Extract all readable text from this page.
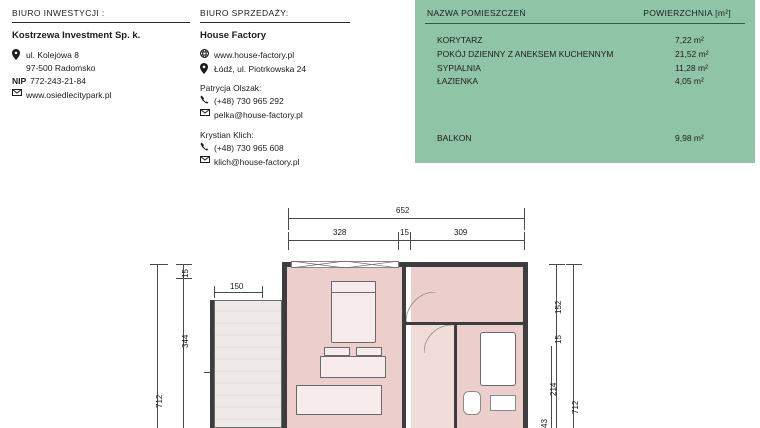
BIURO INWESTYCJI :
Kostrzewa Investment Sp. k.
ul. Kolejowa 8
97-500 Radomsko
NIP 772-243-21-84
www.osiedlecitypark.pl
BIURO SPRZEDAŻY:
House Factory
www.house-factory.pl
Łódź, ul. Piotrkowska 24
Patrycja Olszak:
(+48) 730 965 292
pelka@house-factory.pl
Krystian Klich:
(+48) 730 965 608
klich@house-factory.pl
NAZWA POMIESZCZEŃ	POWIERZCHNIA [m²]
KORYTARZ	7,22 m²
POKÓJ DZIENNY Z ANEKSEM KUCHENNYM	21,52 m²
SYPIALNIA	11,28 m²
ŁAZIENKA	4,05 m²
BALKON	9,98 m²
652
328	15	309
712
15
344
150
152
15
214
712
43
